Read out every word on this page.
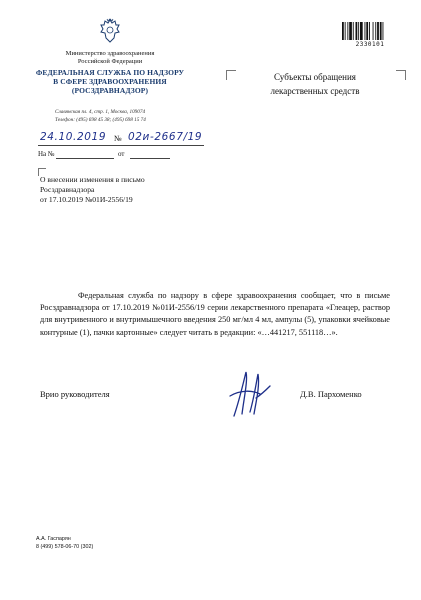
Министерство здравоохранения
Российской Федерации
ФЕДЕРАЛЬНАЯ СЛУЖБА ПО НАДЗОРУ
В СФЕРЕ ЗДРАВООХРАНЕНИЯ
(РОСЗДРАВНАДЗОР)
Славянская пл. 4, стр. 1, Москва, 109074
Телефон: (495) 698 45 38; (495) 698 15 74
2330101
Субъекты обращения
лекарственных средств
24.10.2019 № 02и-2667/19
На №	от
О внесении изменения в письмо
Росздравнадзора
от 17.10.2019 №01И-2556/19
Федеральная служба по надзору в сфере здравоохранения сообщает, что в письме Росздравнадзора от 17.10.2019 №01И-2556/19 серии лекарственного препарата «Глеацер, раствор для внутривенного и внутримышечного введения 250 мг/мл 4 мл, ампулы (5), упаковки ячейковые контурные (1), пачки картонные» следует читать в редакции: «…441217, 551118…».
Врио руководителя	Д.В. Пархоменко
А.А. Гаспарян
8 (499) 578-06-70 (302)
